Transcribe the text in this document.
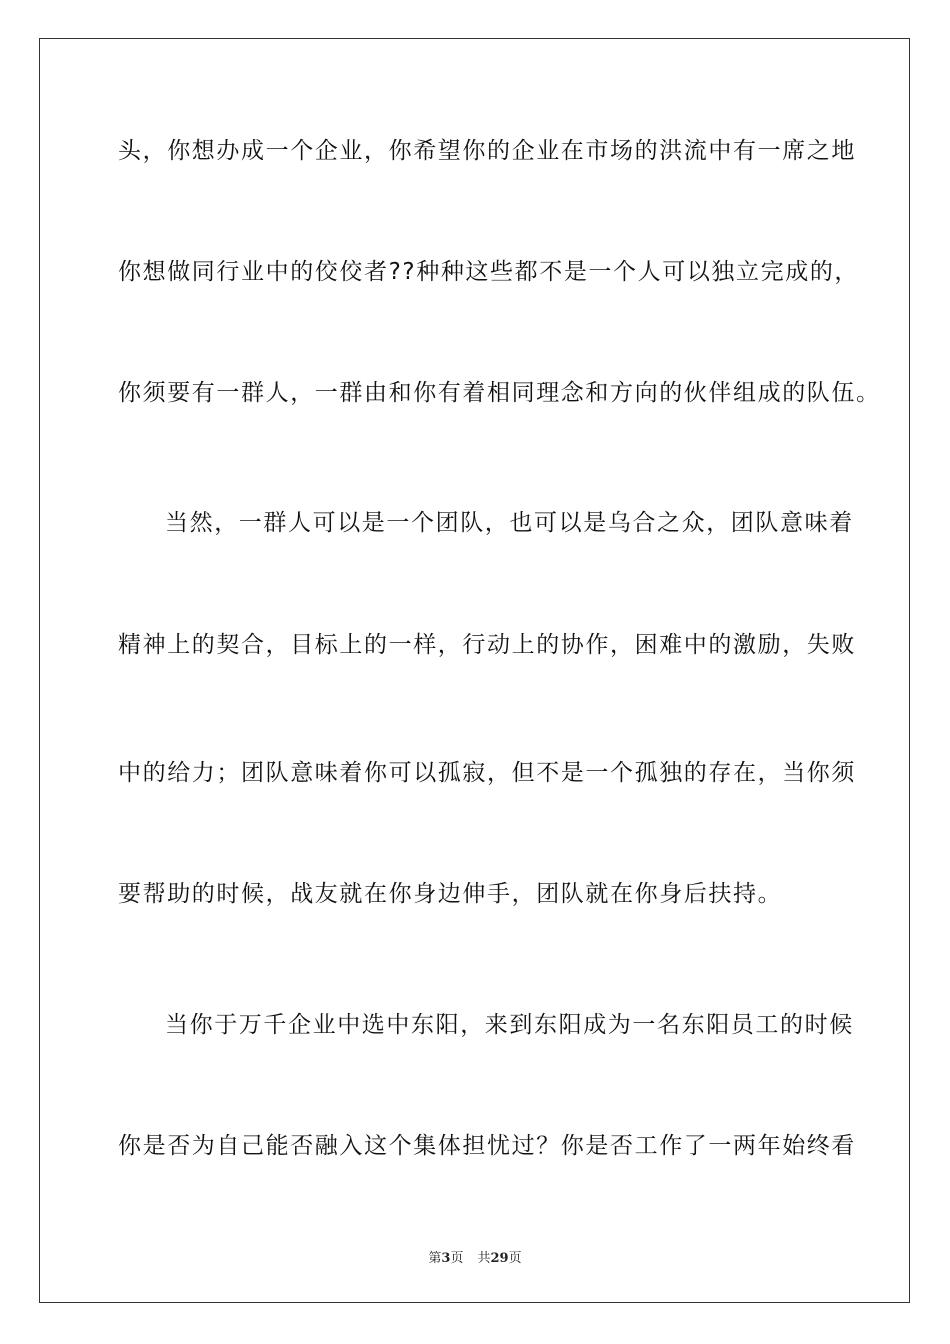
头，你想办成一个企业，你希望你的企业在市场的洪流中有一席之地
你想做同行业中的佼佼者??种种这些都不是一个人可以独立完成的，
你须要有一群人，一群由和你有着相同理念和方向的伙伴组成的队伍。
当然，一群人可以是一个团队，也可以是乌合之众，团队意味着
精神上的契合，目标上的一样，行动上的协作，困难中的激励，失败
中的给力；团队意味着你可以孤寂，但不是一个孤独的存在，当你须
要帮助的时候，战友就在你身边伸手，团队就在你身后扶持。
当你于万千企业中选中东阳，来到东阳成为一名东阳员工的时候
你是否为自己能否融入这个集体担忧过？你是否工作了一两年始终看
第3页 共29页
